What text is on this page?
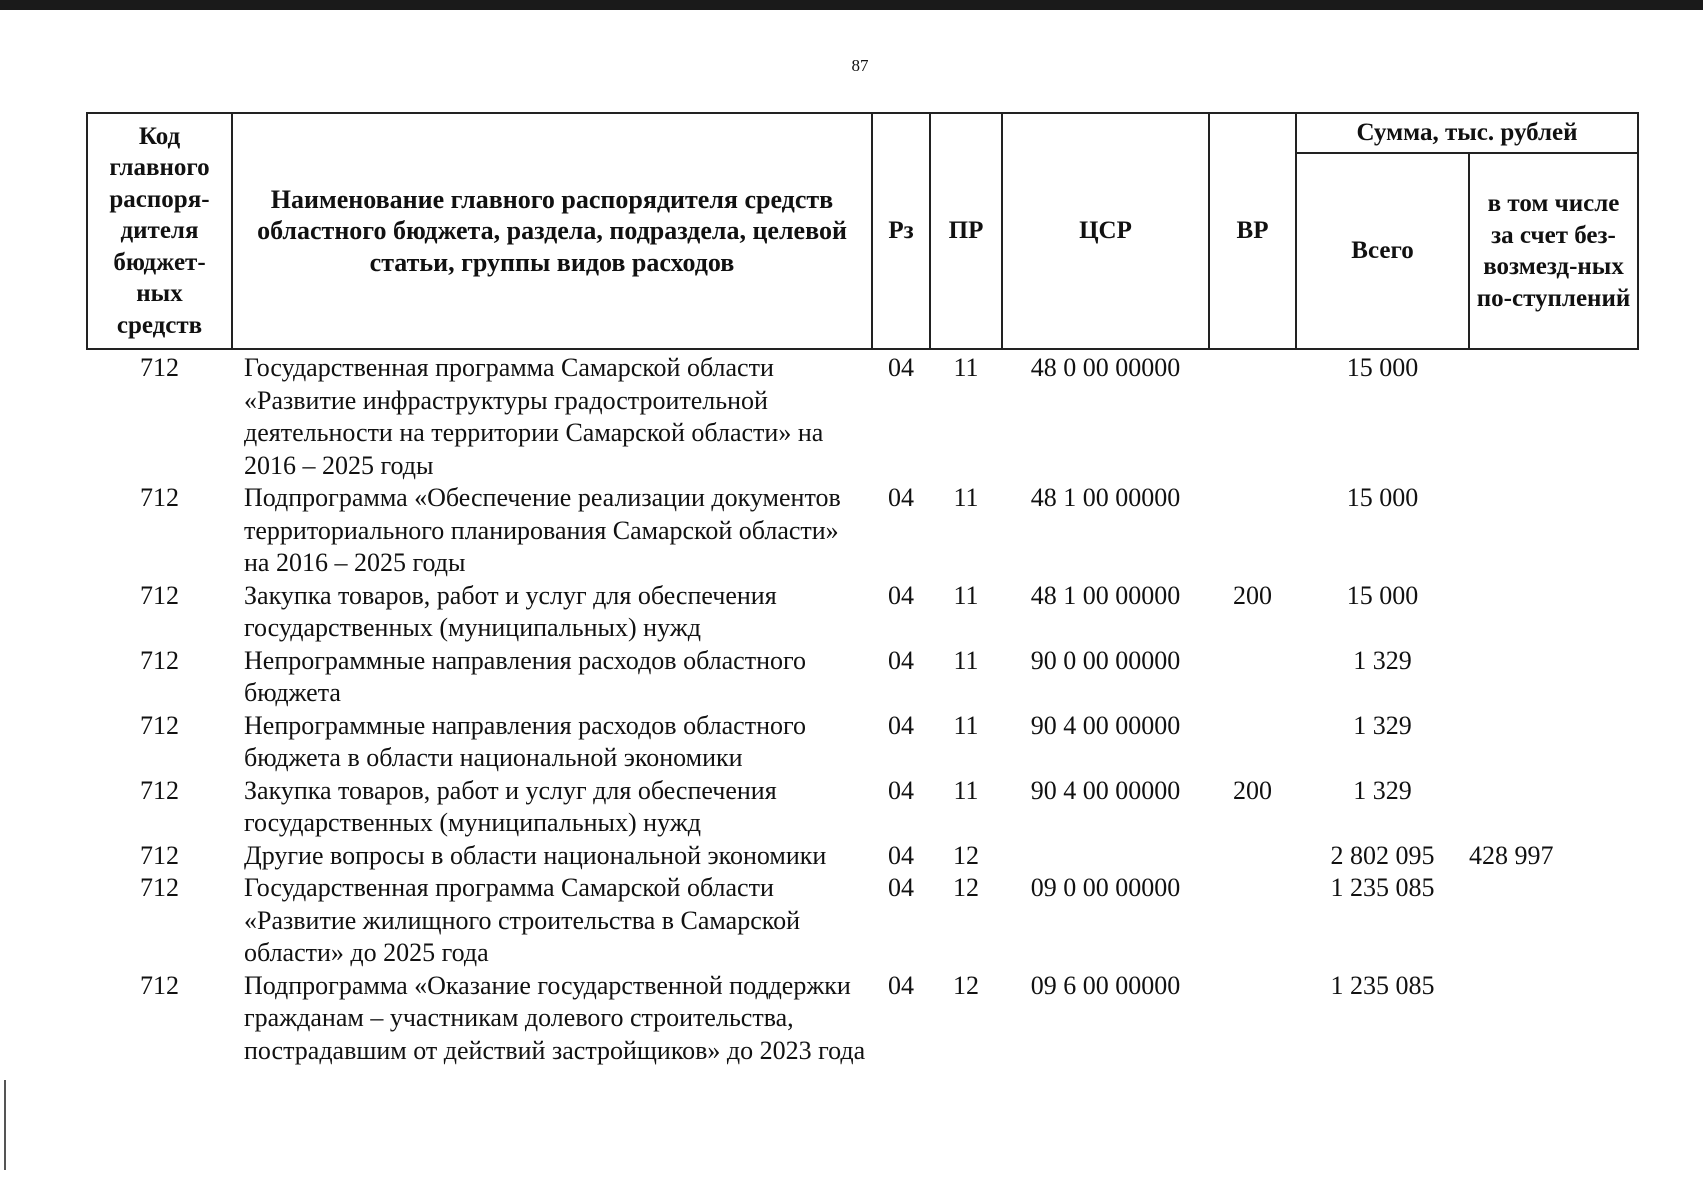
87
Код главного распоря-дителя бюджет-ных средств	Наименование главного распорядителя средств областного бюджета, раздела, подраздела, целевой статьи, группы видов расходов	Рз	ПР	ЦСР	ВР	Сумма, тыс. рублей	
						Всего	в том числе за счет без-возмезд-ных по-ступлений
712	Государственная программа Самарской области «Развитие инфраструктуры градостроительной деятельности на территории Самарской области» на 2016 – 2025 годы	04	11	48 0 00 00000		15 000	
712	Подпрограмма «Обеспечение реализации документов территориального планирования Самарской области» на 2016 – 2025 годы	04	11	48 1 00 00000		15 000	
712	Закупка товаров, работ и услуг для обеспечения государственных (муниципальных) нужд	04	11	48 1 00 00000	200	15 000	
712	Непрограммные направления расходов областного бюджета	04	11	90 0 00 00000		1 329	
712	Непрограммные направления расходов областного бюджета в области национальной экономики	04	11	90 4 00 00000		1 329	
712	Закупка товаров, работ и услуг для обеспечения государственных (муниципальных) нужд	04	11	90 4 00 00000	200	1 329	
712	Другие вопросы в области национальной экономики	04	12			2 802 095	428 997
712	Государственная программа Самарской области «Развитие жилищного строительства в Самарской области» до 2025 года	04	12	09 0 00 00000		1 235 085	
712	Подпрограмма «Оказание государственной поддержки гражданам – участникам долевого строительства, пострадавшим от действий застройщиков» до 2023 года	04	12	09 6 00 00000		1 235 085	
